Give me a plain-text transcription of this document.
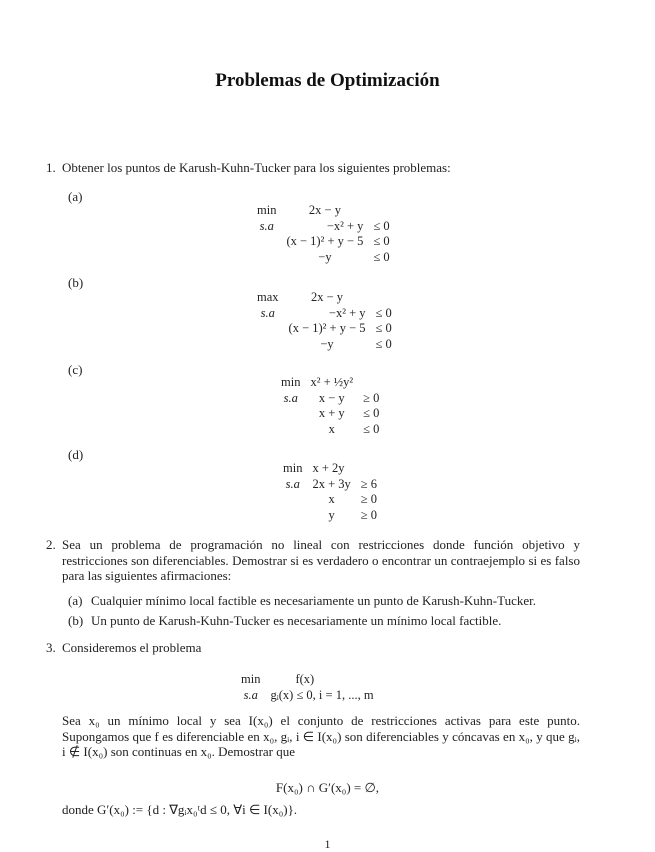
Problemas de Optimización
1. Obtener los puntos de Karush-Kuhn-Tucker para los siguientes problemas:
(a)
min	2x − y	
s.a	−x² + y	≤ 0
	(x − 1)² + y − 5	≤ 0
	−y	≤ 0
(b)
max	2x − y	
s.a	−x² + y	≤ 0
	(x − 1)² + y − 5	≤ 0
	−y	≤ 0
(c)
min	x² + ½y²	
s.a	x − y	≥ 0
	x + y	≤ 0
	x	≤ 0
(d)
min	x + 2y	
s.a	2x + 3y	≥ 6
	x	≥ 0
	y	≥ 0
2. Sea un problema de programación no lineal con restricciones donde función objetivo y restricciones son diferenciables. Demostrar si es verdadero o encontrar un contraejemplo si es falso para las siguientes afirmaciones:
(a) Cualquier mínimo local factible es necesariamente un punto de Karush-Kuhn-Tucker.
(b) Un punto de Karush-Kuhn-Tucker es necesariamente un mínimo local factible.
3. Consideremos el problema
min	f(x)
s.a	gᵢ(x) ≤ 0, i = 1, ..., m
Sea x₀ un mínimo local y sea I(x₀) el conjunto de restricciones activas para este punto. Supongamos que f es diferenciable en x₀, gᵢ, i ∈ I(x₀) son diferenciables y cóncavas en x₀, y que gᵢ, i ∉ I(x₀) son continuas en x₀. Demostrar que
F(x₀) ∩ G′(x₀) = ∅,
donde G′(x₀) := {d : ∇gᵢx₀ᵗd ≤ 0, ∀i ∈ I(x₀)}.
1
